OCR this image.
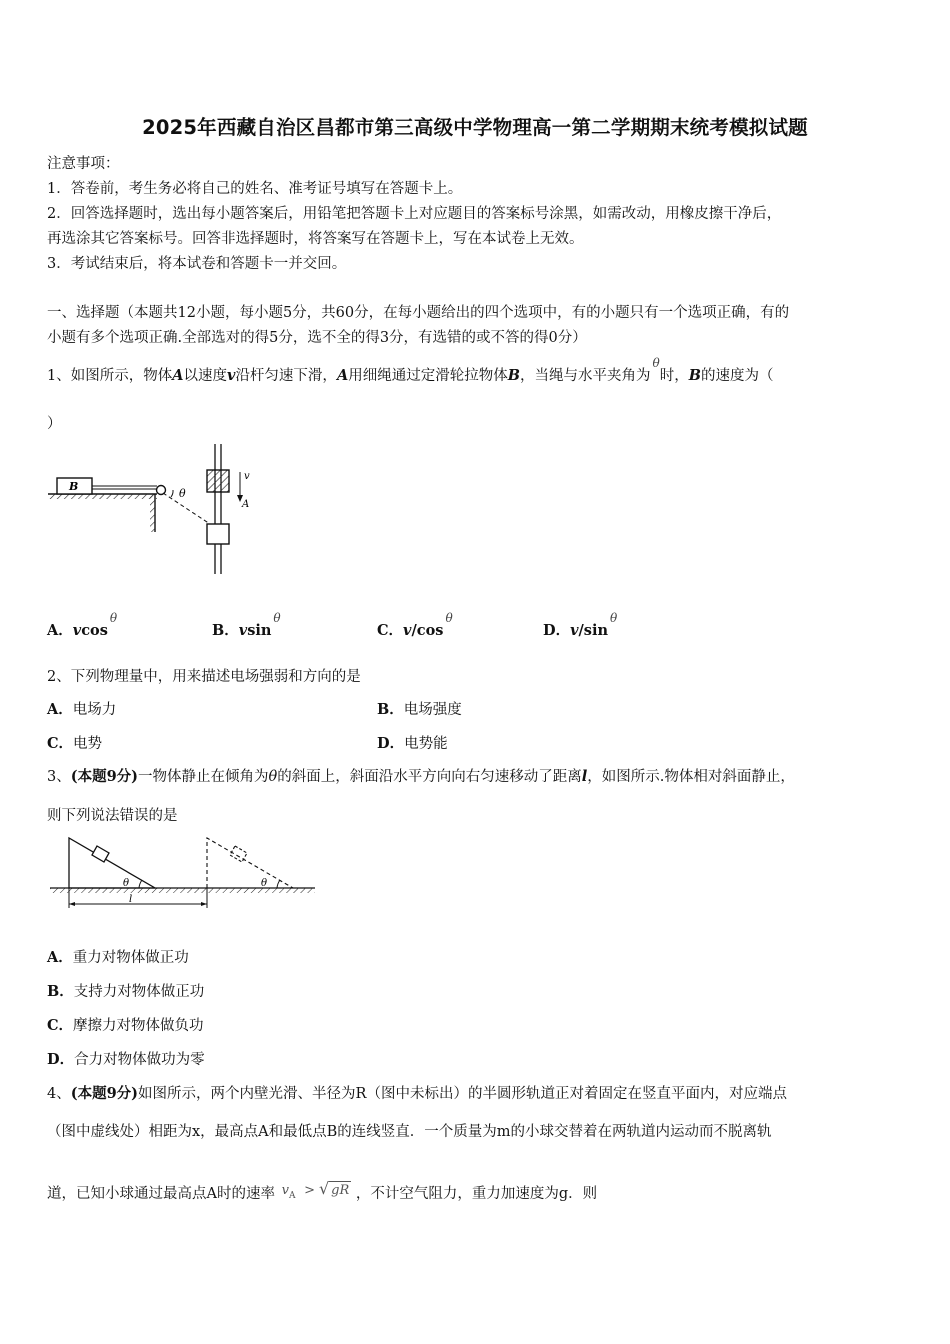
2025年西藏自治区昌都市第三高级中学物理高一第二学期期末统考模拟试题
注意事项：
1．答卷前，考生务必将自己的姓名、准考证号填写在答题卡上。
2．回答选择题时，选出每小题答案后，用铅笔把答题卡上对应题目的答案标号涂黑，如需改动，用橡皮擦干净后，
再选涂其它答案标号。回答非选择题时，将答案写在答题卡上，写在本试卷上无效。
3．考试结束后，将本试卷和答题卡一并交回。
一、选择题（本题共12小题，每小题5分，共60分，在每小题给出的四个选项中，有的小题只有一个选项正确，有的
小题有多个选项正确.全部选对的得5分，选不全的得3分，有选错的或不答的得0分）
1、如图所示，物体A以速度v沿杆匀速下滑，A用细绳通过定滑轮拉物体B，当绳与水平夹角为$^\theta$时，B的速度为（
）
B
θ
v
A
A．vcos$^\theta$
B．vsin$^\theta$
C．$v/\cos^\theta$
D．$v/\sin^\theta$
2、下列物理量中，用来描述电场强弱和方向的是
A．电场力	B．电场强度
C．电势	D．电势能
3、(本题9分)一物体静止在倾角为θ的斜面上，斜面沿水平方向向右匀速移动了距离l，如图所示.物体相对斜面静止，
则下列说法错误的是
θ	θ
l
A．重力对物体做正功
B．支持力对物体做正功
C．摩擦力对物体做负功
D．合力对物体做功为零
4、(本题9分)如图所示，两个内壁光滑、半径为R（图中未标出）的半圆形轨道正对着固定在竖直平面内，对应端点
（图中虚线处）相距为x，最高点A和最低点B的连线竖直．一个质量为m的小球交替着在两轨道内运动而不脱离轨
道，已知小球通过最高点A时的速率 $v_A$ > √ gR ，不计空气阻力，重力加速度为g．则
